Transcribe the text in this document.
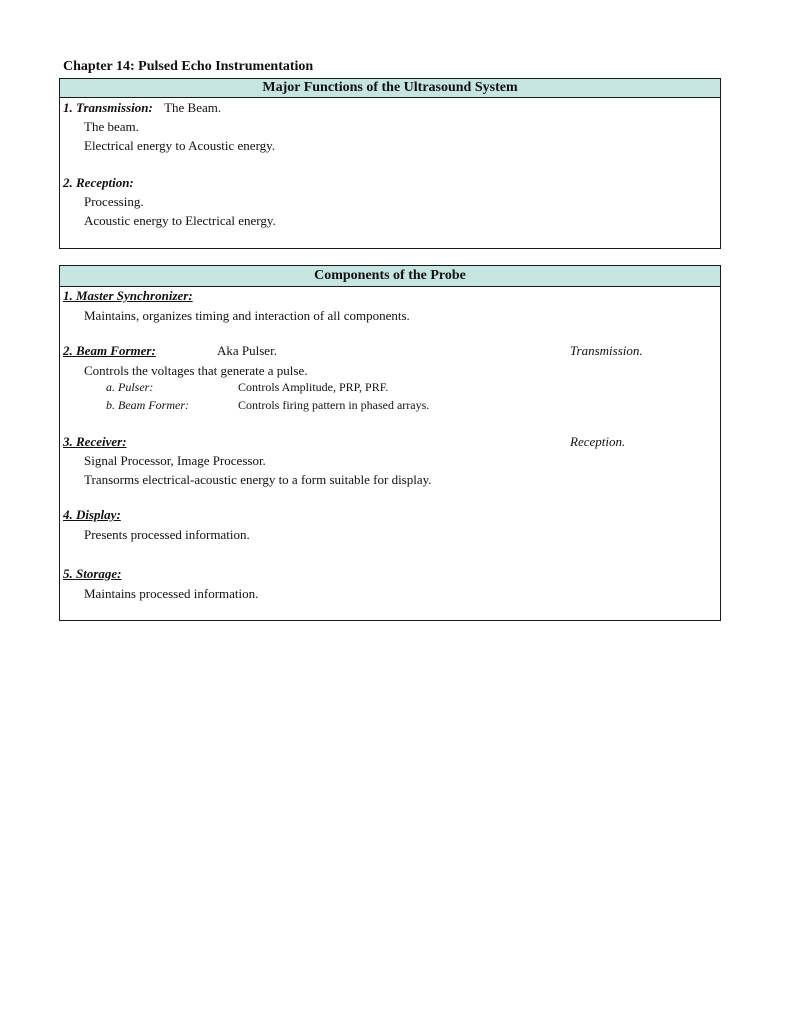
Chapter 14: Pulsed Echo Instrumentation
Major Functions of the Ultrasound System
1. Transmission: The Beam.
The beam.
Electrical energy to Acoustic energy.
2. Reception:
Processing.
Acoustic energy to Electrical energy.
Components of the Probe
1. Master Synchronizer:
Maintains, organizes timing and interaction of all components.
2. Beam Former:	Aka Pulser.	Transmission.
Controls the voltages that generate a pulse.
a. Pulser:	Controls Amplitude, PRP, PRF.
b. Beam Former:	Controls firing pattern in phased arrays.
3. Receiver:	Reception.
Signal Processor, Image Processor.
Transorms electrical-acoustic energy to a form suitable for display.
4. Display:
Presents processed information.
5. Storage:
Maintains processed information.
